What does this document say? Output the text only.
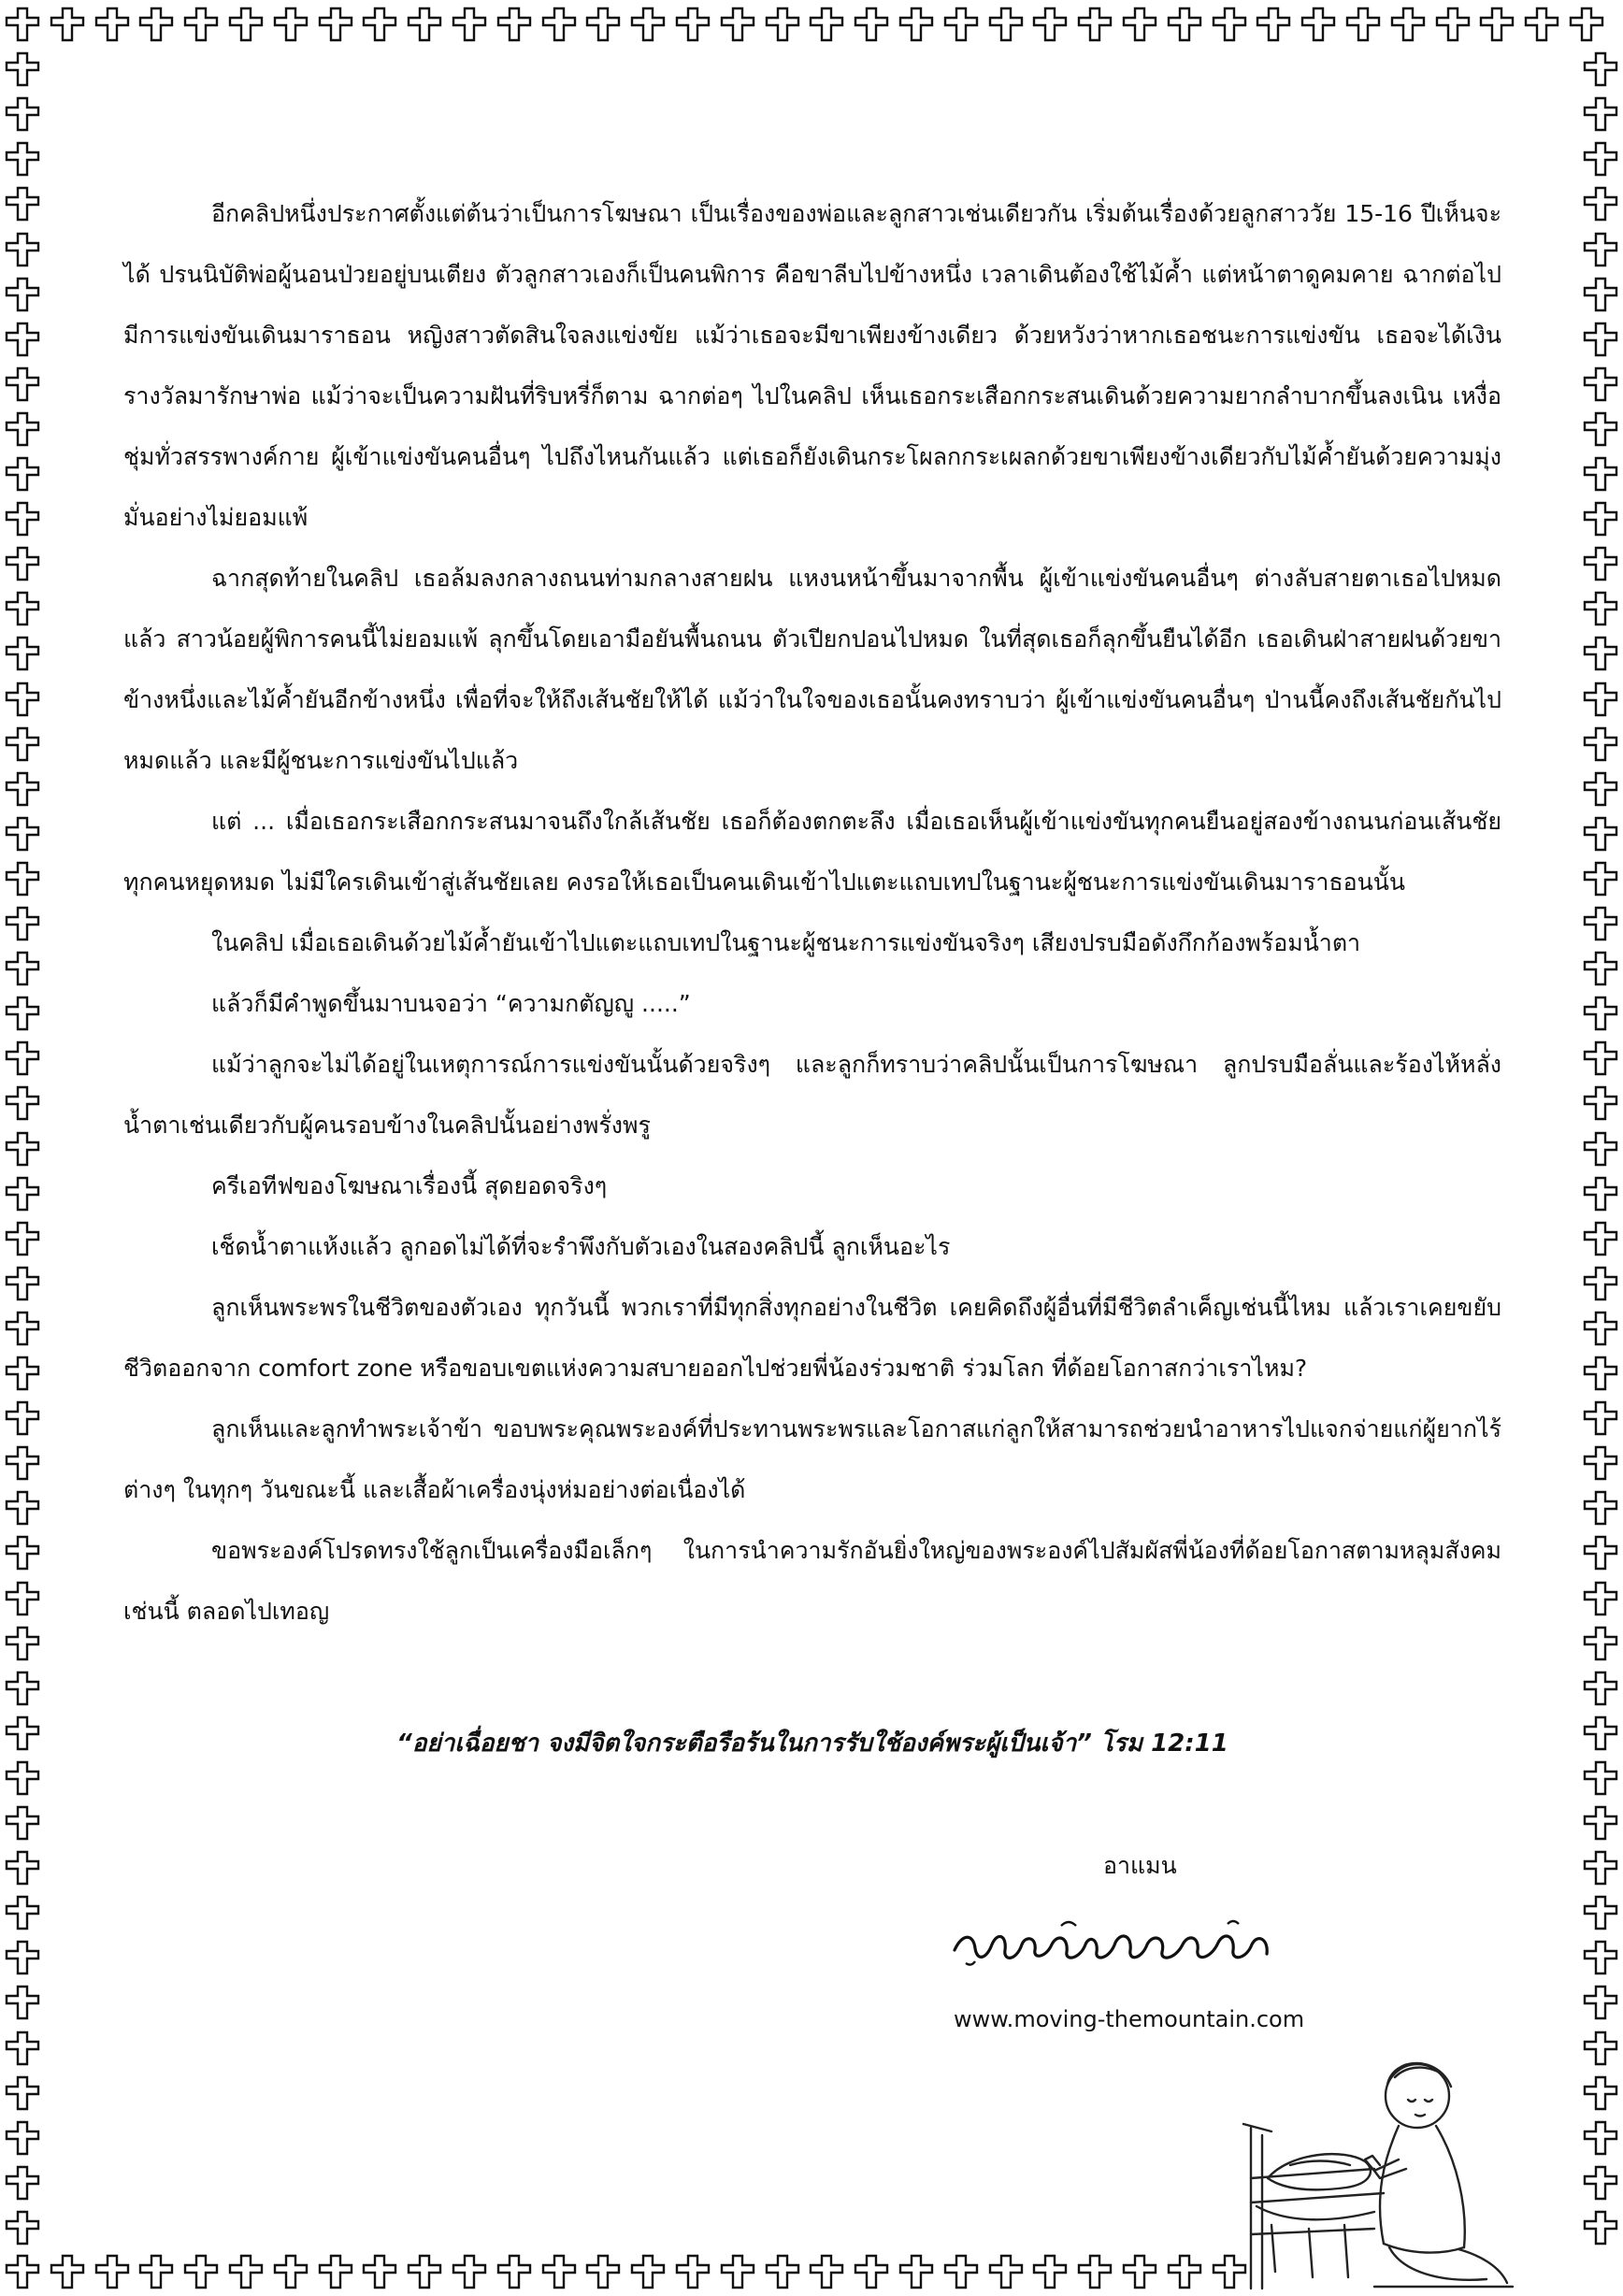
อีกคลิปหนึ่งประกาศตั้งแต่ต้นว่าเป็นการโฆษณา เป็นเรื่องของพ่อและลูกสาวเช่นเดียวกัน เริ่มต้นเรื่องด้วยลูกสาววัย 15-16 ปีเห็นจะได้ ปรนนิบัติพ่อผู้นอนป่วยอยู่บนเตียง ตัวลูกสาวเองก็เป็นคนพิการ คือขาลีบไปข้างหนึ่ง เวลาเดินต้องใช้ไม้ค้ำ แต่หน้าตาดูคมคาย ฉากต่อไปมีการแข่งขันเดินมาราธอน หญิงสาวตัดสินใจลงแข่งขัย แม้ว่าเธอจะมีขาเพียงข้างเดียว ด้วยหวังว่าหากเธอชนะการแข่งขัน เธอจะได้เงินรางวัลมารักษาพ่อ แม้ว่าจะเป็นความฝันที่ริบหรี่ก็ตาม ฉากต่อๆ ไปในคลิป เห็นเธอกระเสือกกระสนเดินด้วยความยากลำบากขึ้นลงเนิน เหงื่อชุ่มทั่วสรรพางค์กาย ผู้เข้าแข่งขันคนอื่นๆ ไปถึงไหนกันแล้ว แต่เธอก็ยังเดินกระโผลกกระเผลกด้วยขาเพียงข้างเดียวกับไม้ค้ำยันด้วยความมุ่งมั่นอย่างไม่ยอมแพ้

ฉากสุดท้ายในคลิป เธอล้มลงกลางถนนท่ามกลางสายฝน แหงนหน้าขึ้นมาจากพื้น ผู้เข้าแข่งขันคนอื่นๆ ต่างลับสายตาเธอไปหมดแล้ว สาวน้อยผู้พิการคนนี้ไม่ยอมแพ้ ลุกขึ้นโดยเอามือยันพื้นถนน ตัวเปียกปอนไปหมด ในที่สุดเธอก็ลุกขึ้นยืนได้อีก เธอเดินฝ่าสายฝนด้วยขาข้างหนึ่งและไม้ค้ำยันอีกข้างหนึ่ง เพื่อที่จะให้ถึงเส้นชัยให้ได้ แม้ว่าในใจของเธอนั้นคงทราบว่า ผู้เข้าแข่งขันคนอื่นๆ ป่านนี้คงถึงเส้นชัยกันไปหมดแล้ว และมีผู้ชนะการแข่งขันไปแล้ว

แต่ ... เมื่อเธอกระเสือกกระสนมาจนถึงใกล้เส้นชัย เธอก็ต้องตกตะลึง เมื่อเธอเห็นผู้เข้าแข่งขันทุกคนยืนอยู่สองข้างถนนก่อนเส้นชัย ทุกคนหยุดหมด ไม่มีใครเดินเข้าสู่เส้นชัยเลย คงรอให้เธอเป็นคนเดินเข้าไปแตะแถบเทปในฐานะผู้ชนะการแข่งขันเดินมาราธอนนั้น

ในคลิป เมื่อเธอเดินด้วยไม้ค้ำยันเข้าไปแตะแถบเทปในฐานะผู้ชนะการแข่งขันจริงๆ เสียงปรบมือดังกึกก้องพร้อมน้ำตา

แล้วก็มีคำพูดขึ้นมาบนจอว่า “ความกตัญญู .....”

แม้ว่าลูกจะไม่ได้อยู่ในเหตุการณ์การแข่งขันนั้นด้วยจริงๆ และลูกก็ทราบว่าคลิปนั้นเป็นการโฆษณา ลูกปรบมือลั่นและร้องไห้หลั่งน้ำตาเช่นเดียวกับผู้คนรอบข้างในคลิปนั้นอย่างพรั่งพรู

ครีเอทีฟของโฆษณาเรื่องนี้ สุดยอดจริงๆ

เช็ดน้ำตาแห้งแล้ว ลูกอดไม่ได้ที่จะรำพึงกับตัวเองในสองคลิปนี้ ลูกเห็นอะไร

ลูกเห็นพระพรในชีวิตของตัวเอง ทุกวันนี้ พวกเราที่มีทุกสิ่งทุกอย่างในชีวิต เคยคิดถึงผู้อื่นที่มีชีวิตลำเค็ญเช่นนี้ไหม แล้วเราเคยขยับชีวิตออกจาก comfort zone หรือขอบเขตแห่งความสบายออกไปช่วยพี่น้องร่วมชาติ ร่วมโลก ที่ด้อยโอกาสกว่าเราไหม?

ลูกเห็นและลูกทำพระเจ้าข้า ขอบพระคุณพระองค์ที่ประทานพระพรและโอกาสแก่ลูกให้สามารถช่วยนำอาหารไปแจกจ่ายแก่ผู้ยากไร้ต่างๆ ในทุกๆ วันขณะนี้ และเสื้อผ้าเครื่องนุ่งห่มอย่างต่อเนื่องได้

ขอพระองค์โปรดทรงใช้ลูกเป็นเครื่องมือเล็กๆ ในการนำความรักอันยิ่งใหญ่ของพระองค์ไปสัมผัสพี่น้องที่ด้อยโอกาสตามหลุมสังคมเช่นนี้ ตลอดไปเทอญ

“อย่าเฉื่อยชา จงมีจิตใจกระตือรือร้นในการรับใช้องค์พระผู้เป็นเจ้า” โรม 12:11
อาแมน
www.moving-themountain.com
